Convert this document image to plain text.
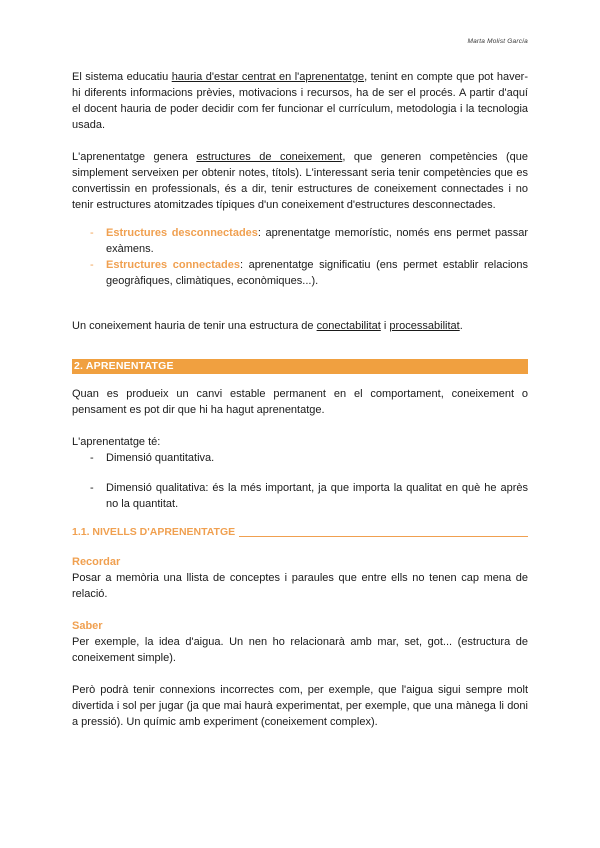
Marta Molist García

El sistema educatiu hauria d'estar centrat en l'aprenentatge, tenint en compte que pot haver-hi diferents informacions prèvies, motivacions i recursos, ha de ser el procés. A partir d'aquí el docent hauria de poder decidir com fer funcionar el currículum, metodologia i la tecnologia usada.

L'aprenentatge genera estructures de coneixement, que generen competències (que simplement serveixen per obtenir notes, títols). L'interessant seria tenir competències que es convertissin en professionals, és a dir, tenir estructures de coneixement connectades i no tenir estructures atomitzades típiques d'un coneixement d'estructures desconnectades.

- Estructures desconnectades: aprenentatge memorístic, només ens permet passar exàmens.
- Estructures connectades: aprenentatge significatiu (ens permet establir relacions geogràfiques, climàtiques, econòmiques...).

Un coneixement hauria de tenir una estructura de conectabilitat i processabilitat.

2. APRENENTATGE

Quan es produeix un canvi estable permanent en el comportament, coneixement o pensament es pot dir que hi ha hagut aprenentatge.

L'aprenentatge té:

- Dimensió quantitativa.
- Dimensió qualitativa: és la més important, ja que importa la qualitat en què he après no la quantitat.
1.1. NIVELLS D'APRENENTATGE

Recordar

Posar a memòria una llista de conceptes i paraules que entre ells no tenen cap mena de relació.

Saber

Per exemple, la idea d'aigua. Un nen ho relacionarà amb mar, set, got... (estructura de coneixement simple).

Però podrà tenir connexions incorrectes com, per exemple, que l'aigua sigui sempre molt divertida i sol per jugar (ja que mai haurà experimentat, per exemple, que una mànega li doni a pressió). Un químic amb experiment (coneixement complex).
